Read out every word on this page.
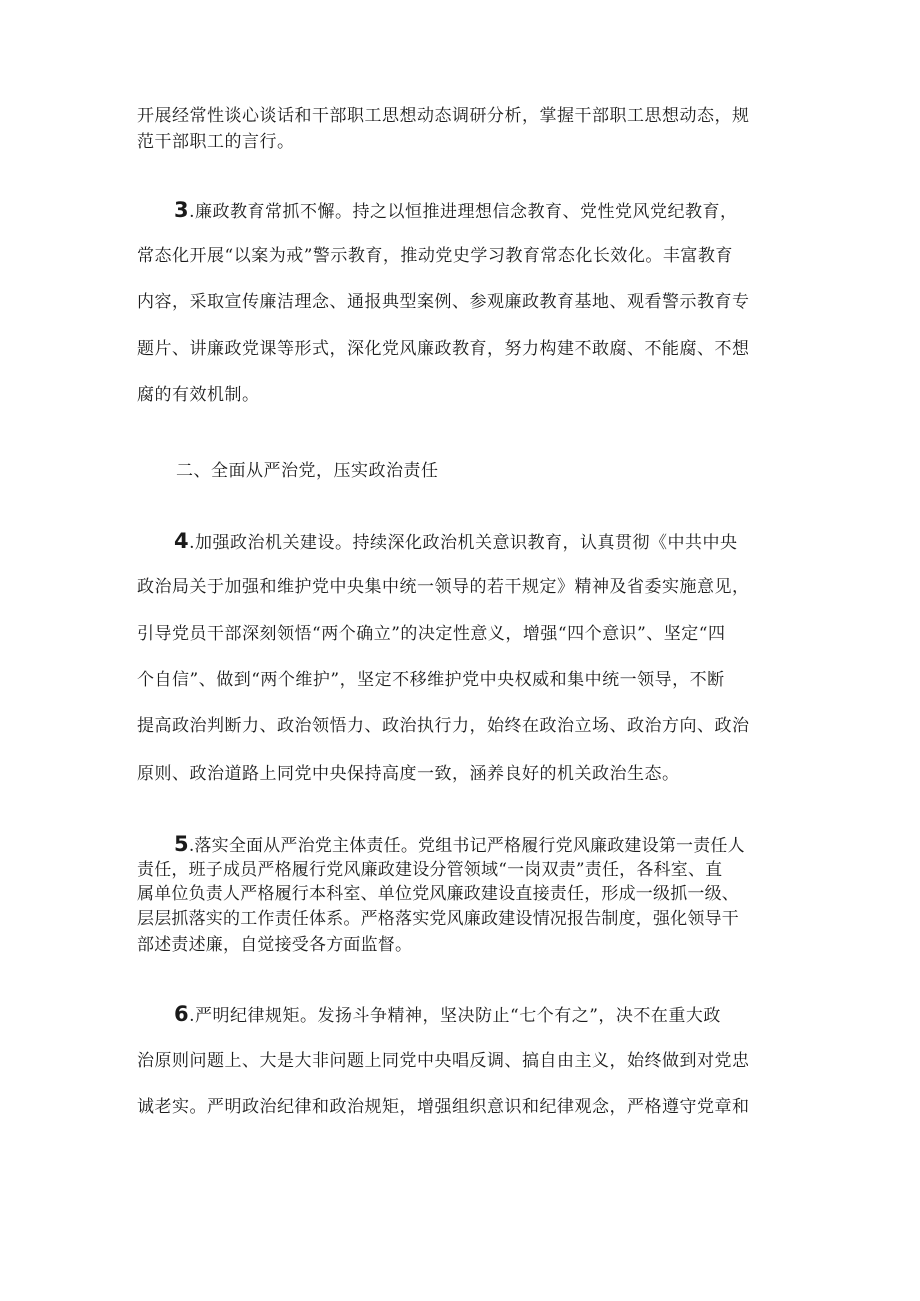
开展经常性谈心谈话和干部职工思想动态调研分析，掌握干部职工思想动态，规
范干部职工的言行。
3.廉政教育常抓不懈。持之以恒推进理想信念教育、党性党风党纪教育，
常态化开展“以案为戒”警示教育，推动党史学习教育常态化长效化。丰富教育
内容，采取宣传廉洁理念、通报典型案例、参观廉政教育基地、观看警示教育专
题片、讲廉政党课等形式，深化党风廉政教育，努力构建不敢腐、不能腐、不想
腐的有效机制。
二、全面从严治党，压实政治责任
4.加强政治机关建设。持续深化政治机关意识教育，认真贯彻《中共中央
政治局关于加强和维护党中央集中统一领导的若干规定》精神及省委实施意见，
引导党员干部深刻领悟“两个确立”的决定性意义，增强“四个意识”、坚定“四
个自信”、做到“两个维护”，坚定不移维护党中央权威和集中统一领导，不断
提高政治判断力、政治领悟力、政治执行力，始终在政治立场、政治方向、政治
原则、政治道路上同党中央保持高度一致，涵养良好的机关政治生态。
5.落实全面从严治党主体责任。党组书记严格履行党风廉政建设第一责任人
责任，班子成员严格履行党风廉政建设分管领域“一岗双责”责任，各科室、直
属单位负责人严格履行本科室、单位党风廉政建设直接责任，形成一级抓一级、
层层抓落实的工作责任体系。严格落实党风廉政建设情况报告制度，强化领导干
部述责述廉，自觉接受各方面监督。
6.严明纪律规矩。发扬斗争精神，坚决防止“七个有之”，决不在重大政
治原则问题上、大是大非问题上同党中央唱反调、搞自由主义，始终做到对党忠
诚老实。严明政治纪律和政治规矩，增强组织意识和纪律观念，严格遵守党章和
